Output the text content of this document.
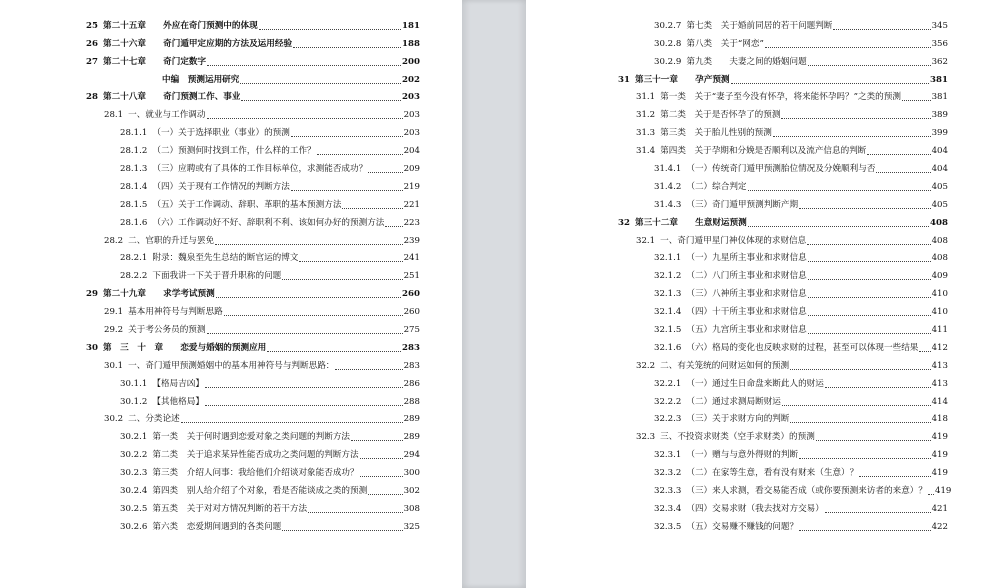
25 第二十五章　　外应在奇门预测中的体现	181
26 第二十六章　　奇门遁甲定应期的方法及运用经验	188
27 第二十七章　　奇门定数字	200
中编　预测运用研究	202
28 第二十八章　　奇门预测工作、事业	203
28.1 一、就业与工作调动	203
28.1.1 （一）关于选择职业（事业）的预测	203
28.1.2 （二）预测何时找到工作，什么样的工作？	204
28.1.3 （三）应聘或有了具体的工作目标单位，求测能否成功？	209
28.1.4 （四）关于现有工作情况的判断方法	219
28.1.5 （五）关于工作调动、辞职、革职的基本预测方法	221
28.1.6 （六）工作调动好不好、辞职利不利、该如何办好的预测方法 223
28.2 二、官职的升迁与罢免	239
28.2.1 附录：魏泉至先生总结的断官运的博文	241
28.2.2 下面我讲一下关于晋升职称的问题	251
29 第二十九章　　求学考试预测	260
29.1 基本用神符号与判断思路	260
29.2 关于考公务员的预测	275
30 第　三　十　章　　恋爱与婚姻的预测应用	283
30.1 一、奇门遁甲预测婚姻中的基本用神符号与判断思路：	283
30.1.1 【格局吉凶】	286
30.1.2 【其他格局】	288
30.2 二、分类论述	289
30.2.1 第一类　关于何时遇到恋爱对象之类问题的判断方法	289
30.2.2 第二类　关于追求某异性能否成功之类问题的判断方法	294
30.2.3 第三类　介绍人问事：我给他们介绍谈对象能否成功？	300
30.2.4 第四类　别人给介绍了个对象，看是否能谈成之类的预测	302
30.2.5 第五类　关于对对方情况判断的若干方法	308
30.2.6 第六类　恋爱期间遇到的各类问题	325
30.2.7 第七类　关于婚前同居的若干问题判断	345
30.2.8 第八类　关于“网恋”	356
30.2.9 第九类　　夫妻之间的婚姻问题	362
31 第三十一章　　孕产预测	381
31.1 第一类　关于“妻子至今没有怀孕，将来能怀孕吗？”之类的预测	381
31.2 第二类　关于是否怀孕了的预测	389
31.3 第三类　关于胎儿性别的预测	399
31.4 第四类　关于孕期和分娩是否顺利以及流产信息的判断	404
31.4.1 （一）传统奇门遁甲预测胎位情况及分娩顺利与否	404
31.4.2 （二）综合判定	405
31.4.3 （三）奇门遁甲预测判断产期	405
32 第三十二章　　生意财运预测	408
32.1 一、奇门遁甲星门神仪体现的求财信息	408
32.1.1 （一）九星所主事业和求财信息	408
32.1.2 （二）八门所主事业和求财信息	409
32.1.3 （三）八神所主事业和求财信息	410
32.1.4 （四）十干所主事业和求财信息	410
32.1.5 （五）九宫所主事业和求财信息	411
32.1.6 （六）格局的变化也反映求财的过程，甚至可以体现一些结果 412
32.2 二、有关笼统的问财运如何的预测	413
32.2.1 （一）通过生日命盘来断此人的财运	413
32.2.2 （二）通过求测局断财运	414
32.2.3 （三）关于求财方向的判断	418
32.3 三、不投资求财类（空手求财类）的预测	419
32.3.1 （一）赠与与意外得财的判断	419
32.3.2 （二）在家等生意，看有没有财来（生意）？	419
32.3.3 （三）来人求测，看交易能否成（或你要预测来访者的来意）？ 419
32.3.4 （四）交易求财（我去找对方交易）	421
32.3.5 （五）交易赚不赚钱的问题？	422
